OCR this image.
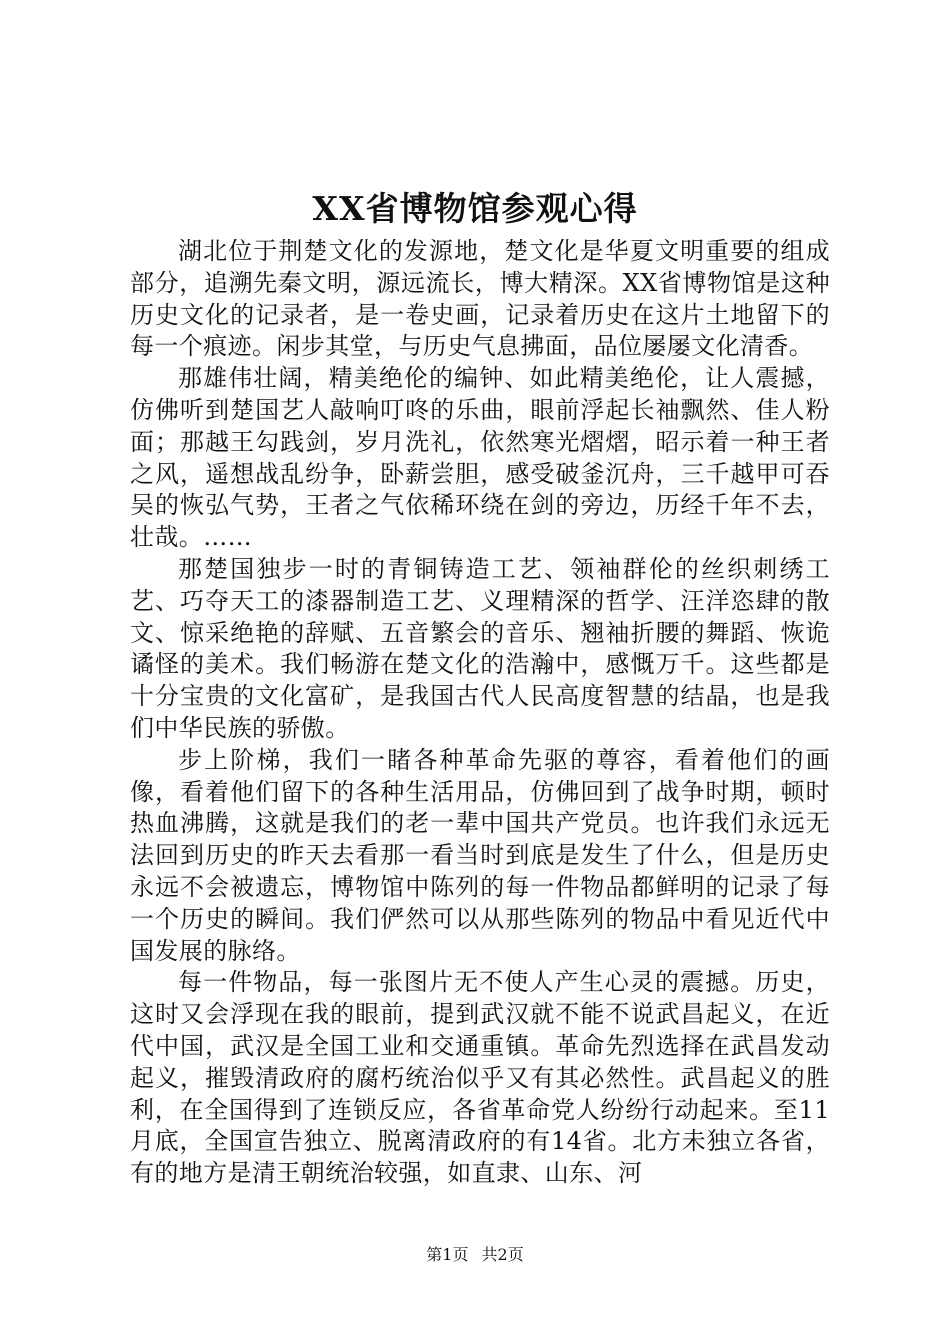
XX省博物馆参观心得

湖北位于荆楚文化的发源地，楚文化是华夏文明重要的组成部分，追溯先秦文明，源远流长，博大精深。XX省博物馆是这种历史文化的记录者，是一卷史画，记录着历史在这片土地留下的每一个痕迹。闲步其堂，与历史气息拂面，品位屡屡文化清香。

那雄伟壮阔，精美绝伦的编钟、如此精美绝伦，让人震撼，仿佛听到楚国艺人敲响叮咚的乐曲，眼前浮起长袖飘然、佳人粉面；那越王勾践剑，岁月洗礼，依然寒光熠熠，昭示着一种王者之风，遥想战乱纷争，卧薪尝胆，感受破釜沉舟，三千越甲可吞吴的恢弘气势，王者之气依稀环绕在剑的旁边，历经千年不去，壮哉。……

那楚国独步一时的青铜铸造工艺、领袖群伦的丝织刺绣工艺、巧夺天工的漆器制造工艺、义理精深的哲学、汪洋恣肆的散文、惊采绝艳的辞赋、五音繁会的音乐、翘袖折腰的舞蹈、恢诡谲怪的美术。我们畅游在楚文化的浩瀚中，感慨万千。这些都是十分宝贵的文化富矿，是我国古代人民高度智慧的结晶，也是我们中华民族的骄傲。

步上阶梯，我们一睹各种革命先驱的尊容，看着他们的画像，看着他们留下的各种生活用品，仿佛回到了战争时期，顿时热血沸腾，这就是我们的老一辈中国共产党员。也许我们永远无法回到历史的昨天去看那一看当时到底是发生了什么，但是历史永远不会被遗忘，博物馆中陈列的每一件物品都鲜明的记录了每一个历史的瞬间。我们俨然可以从那些陈列的物品中看见近代中国发展的脉络。

每一件物品，每一张图片无不使人产生心灵的震撼。历史，这时又会浮现在我的眼前，提到武汉就不能不说武昌起义，在近代中国，武汉是全国工业和交通重镇。革命先烈选择在武昌发动起义，摧毁清政府的腐朽统治似乎又有其必然性。武昌起义的胜利，在全国得到了连锁反应，各省革命党人纷纷行动起来。至11月底，全国宣告独立、脱离清政府的有14省。北方未独立各省，有的地方是清王朝统治较强，如直隶、山东、河

第1页 共2页
